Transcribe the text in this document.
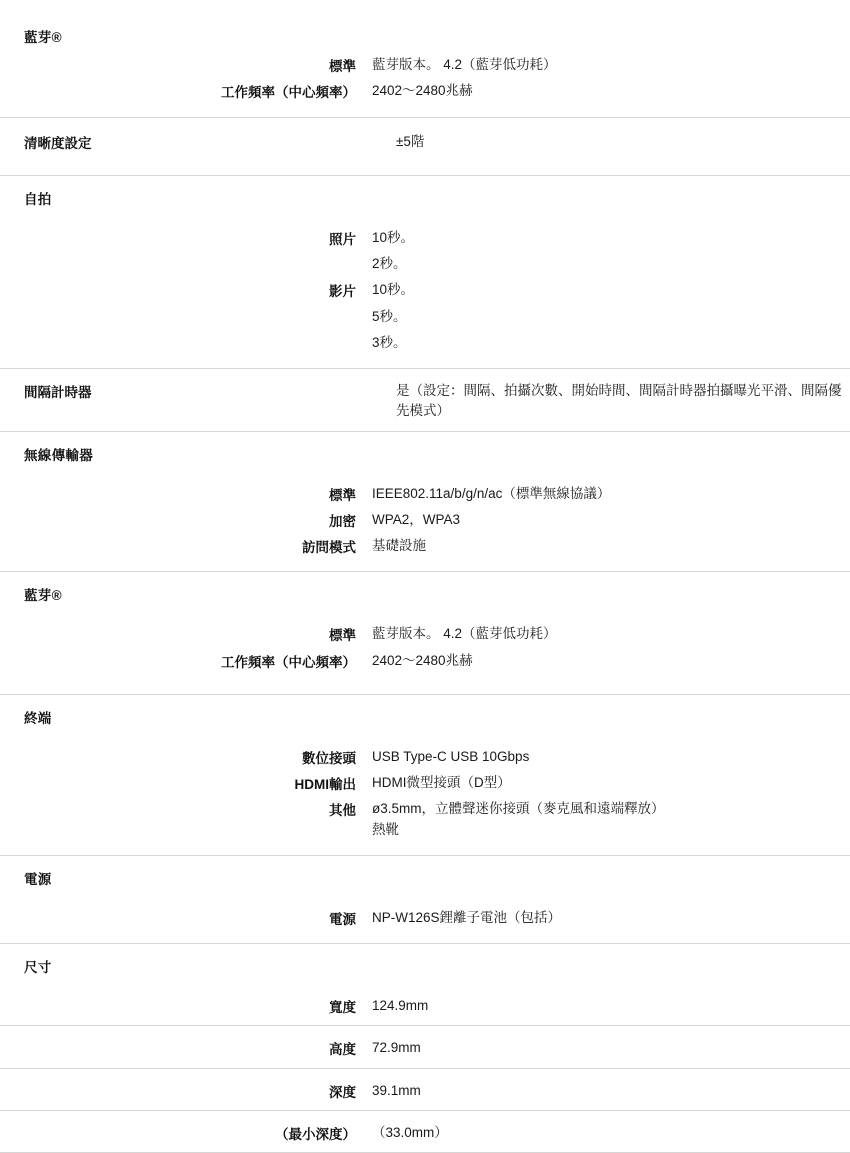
藍芽®
標準	藍芽版本。 4.2（藍芽低功耗）
工作頻率（中心頻率）	2402～2480兆赫
清晰度設定	±5階
自拍
照片	10秒。

	2秒。

影片	10秒。

	5秒。

	3秒。
間隔計時器	是（設定：間隔、拍攝次數、開始時間、間隔計時器拍攝曝光平滑、間隔優先模式）
無線傳輸器
標準	IEEE802.11a/b/g/n/ac（標準無線協議）
加密	WPA2，WPA3
訪問模式	基礎設施
藍芽®
標準	藍芽版本。 4.2（藍芽低功耗）
工作頻率（中心頻率）	2402～2480兆赫
終端
數位接頭	USB Type-C USB 10Gbps
HDMI輸出	HDMI微型接頭（D型）
其他	ø3.5mm，立體聲迷你接頭（麥克風和遠端釋放）
熱靴
電源
電源	NP-W126S鋰離子電池（包括）
尺寸
寬度	124.9mm
高度	72.9mm
深度	39.1mm
（最小深度）	（33.0mm）
